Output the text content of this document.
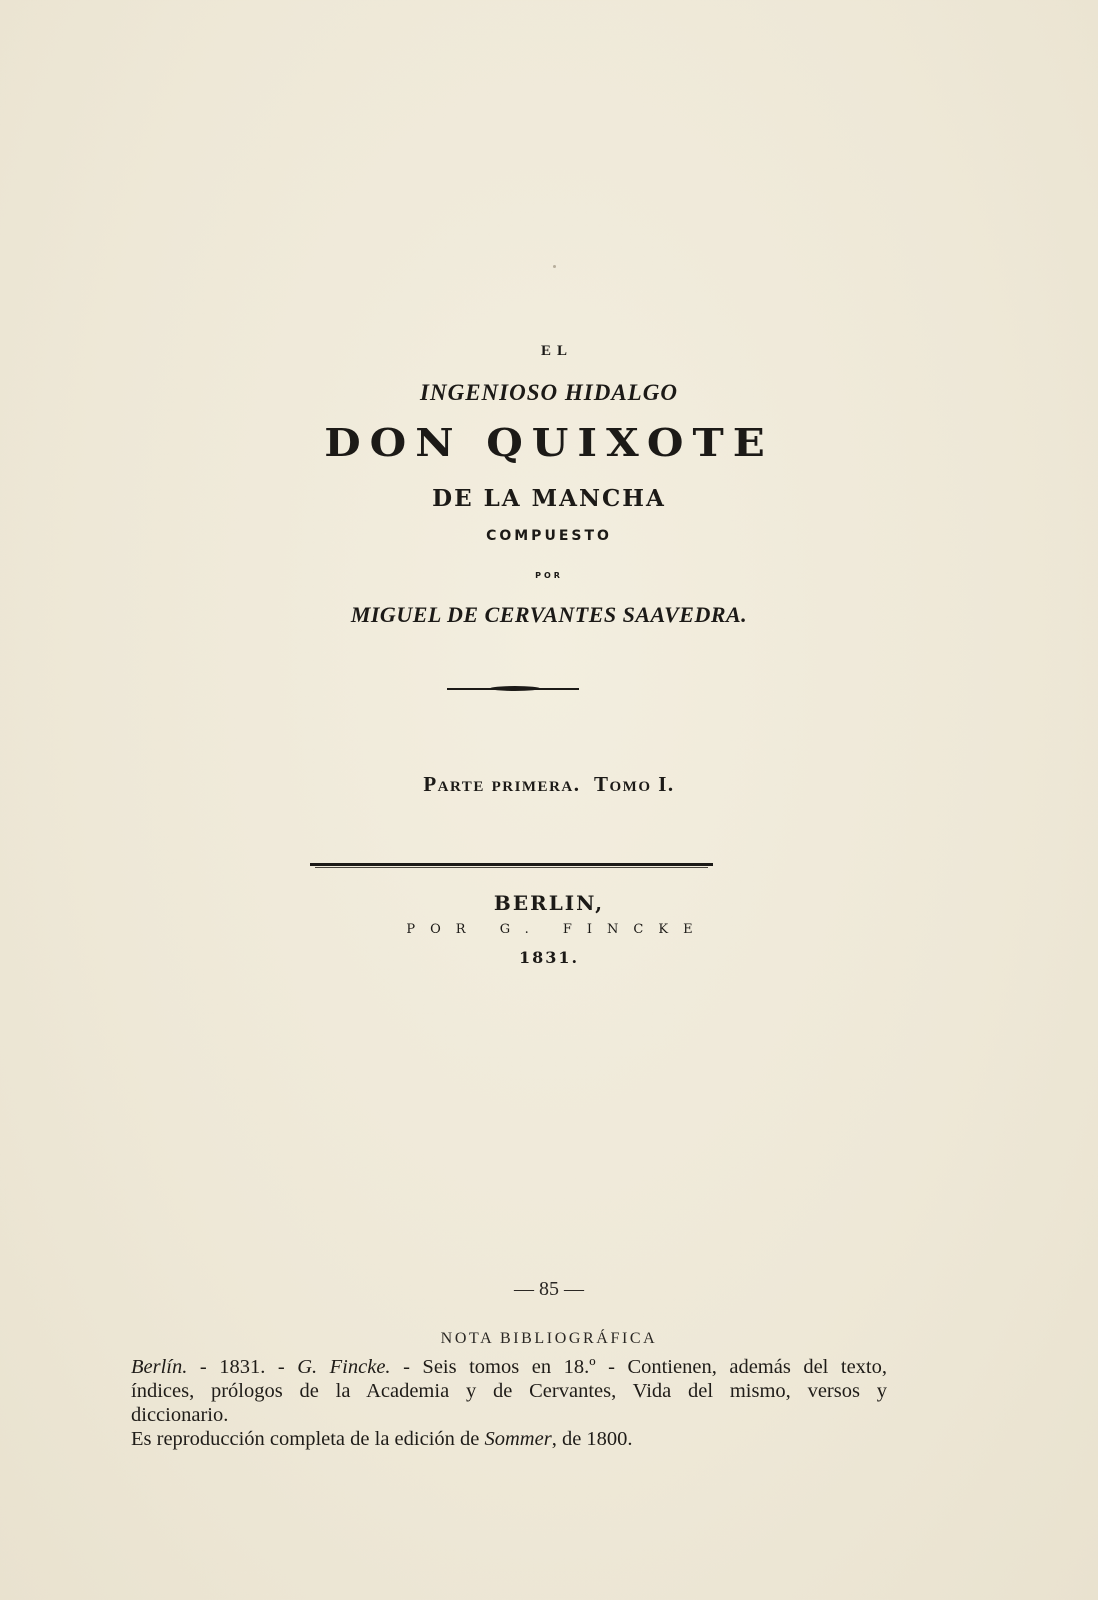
EL
INGENIOSO HIDALGO
DON QUIXOTE
DE LA MANCHA
COMPUESTO
POR
MIGUEL DE CERVANTES SAAVEDRA.
Parte primera. Tomo I.
BERLIN,
POR G. FINCKE
1831.
— 85 —
NOTA BIBLIOGRÁFICA

Berlín. - 1831. - G. Fincke. - Seis tomos en 18.º - Contienen, además del texto,

índices, prólogos de la Academia y de Cervantes, Vida del mismo, versos y

diccionario.

Es reproducción completa de la edición de Sommer, de 1800.
